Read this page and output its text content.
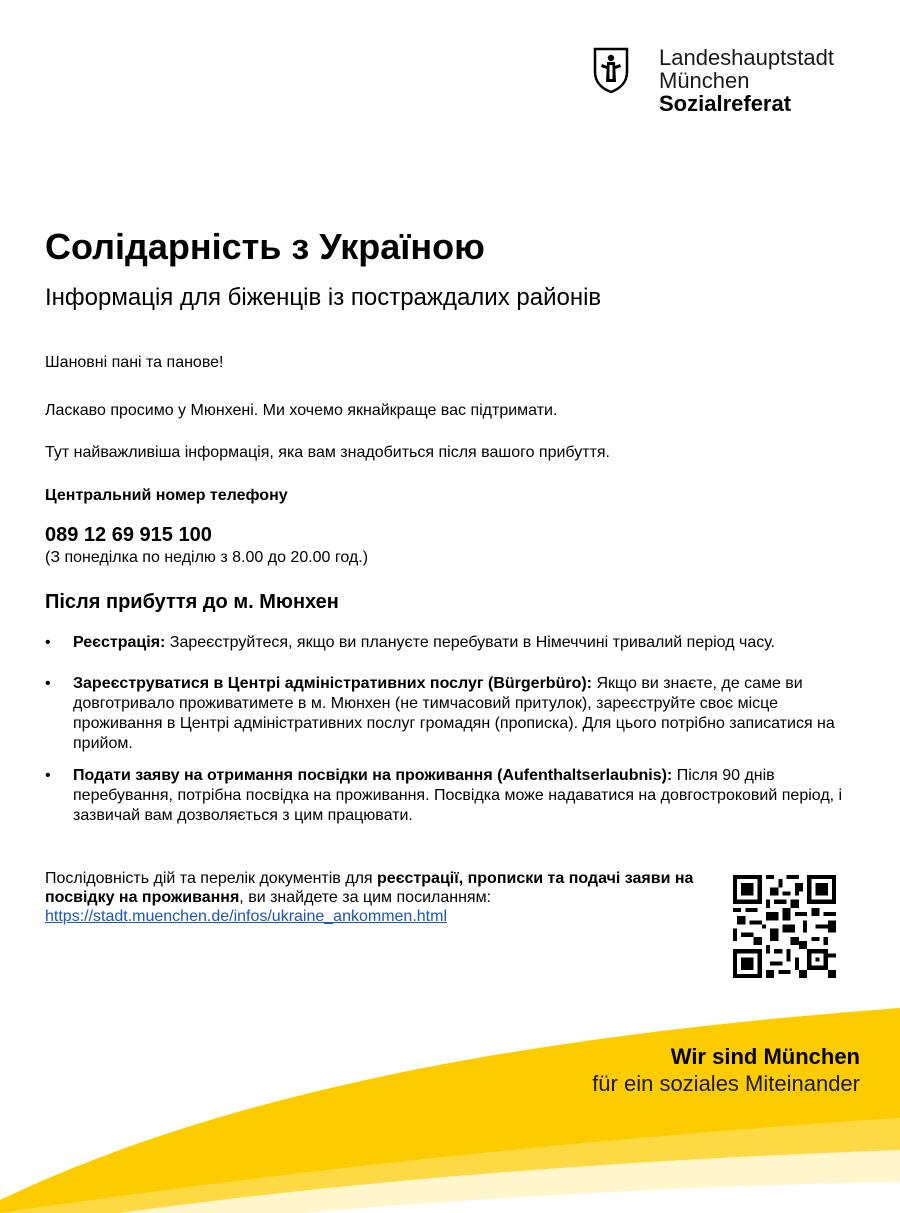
Landeshauptstadt
München
Sozialreferat
Солідарність з Україною
Інформація для біженців із постраждалих районів

Шановні пані та панове!

Ласкаво просимо у Мюнхені. Ми хочемо якнайкраще вас підтримати.

Тут найважливіша інформація, яка вам знадобиться після вашого прибуття.

Центральний номер телефону

089 12 69 915 100

(З понеділка по неділю з 8.00 до 20.00 год.)

Після прибуття до м. Мюнхен
• Реєстрація: Зареєструйтеся, якщо ви плануєте перебувати в Німеччині тривалий період часу.
• Зареєструватися в Центрі адміністративних послуг (Bürgerbüro): Якщо ви знаєте, де саме ви довготривало проживатимете в м. Мюнхен (не тимчасовий притулок), зареєструйте своє місце проживання в Центрі адміністративних послуг громадян (прописка). Для цього потрібно записатися на прийом.
• Подати заяву на отримання посвідки на проживання (Aufenthaltserlaubnis): Після 90 днів перебування, потрібна посвідка на проживання. Посвідка може надаватися на довгостроковий період, і зазвичай вам дозволяється з цим працювати.

Послідовність дій та перелік документів для реєстрації, прописки та подачі заяви на посвідку на проживання, ви знайдете за цим посиланням:
https://stadt.muenchen.de/infos/ukraine_ankommen.html

Wir sind München
für ein soziales Miteinander
